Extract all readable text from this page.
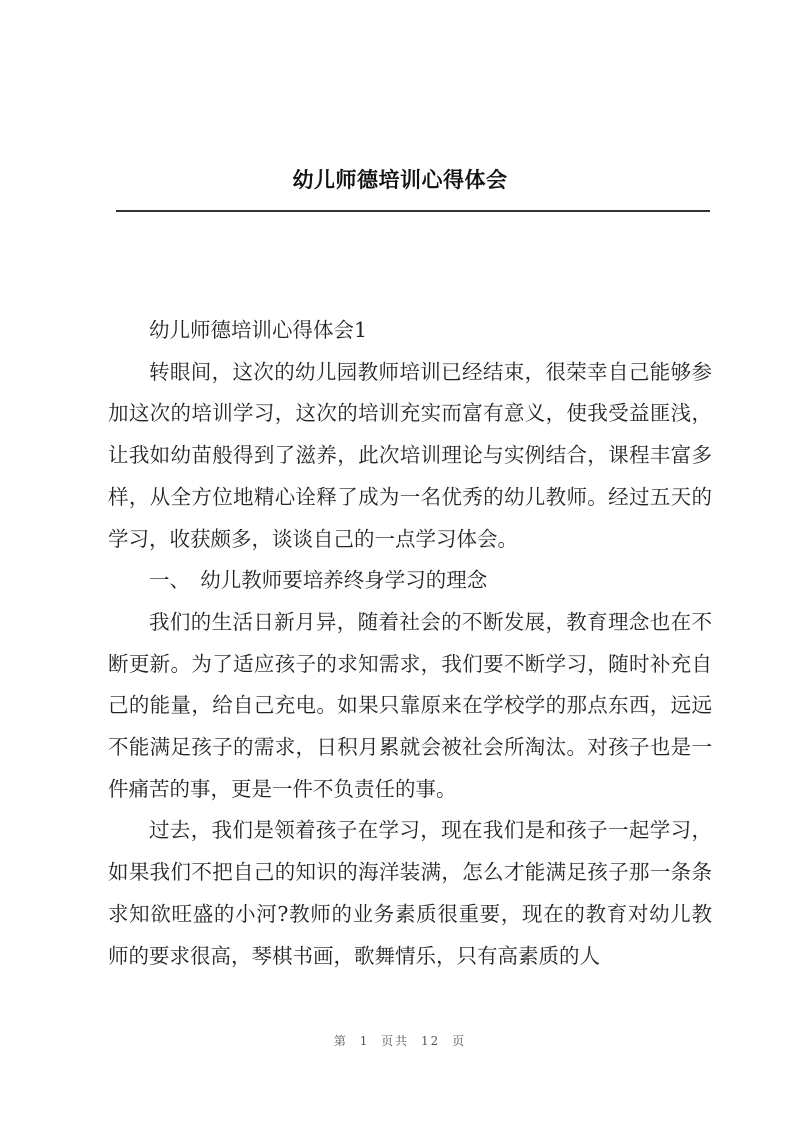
幼儿师德培训心得体会

幼儿师德培训心得体会1

转眼间，这次的幼儿园教师培训已经结束，很荣幸自己能够参加这次的培训学习，这次的培训充实而富有意义，使我受益匪浅，让我如幼苗般得到了滋养，此次培训理论与实例结合，课程丰富多样，从全方位地精心诠释了成为一名优秀的幼儿教师。经过五天的学习，收获颇多，谈谈自己的一点学习体会。

一、　幼儿教师要培养终身学习的理念

我们的生活日新月异，随着社会的不断发展，教育理念也在不断更新。为了适应孩子的求知需求，我们要不断学习，随时补充自己的能量，给自己充电。如果只靠原来在学校学的那点东西，远远不能满足孩子的需求，日积月累就会被社会所淘汰。对孩子也是一件痛苦的事，更是一件不负责任的事。

过去，我们是领着孩子在学习，现在我们是和孩子一起学习，如果我们不把自己的知识的海洋装满，怎么才能满足孩子那一条条求知欲旺盛的小河?教师的业务素质很重要，现在的教育对幼儿教师的要求很高，琴棋书画，歌舞情乐，只有高素质的人

第 1 页共 12 页
